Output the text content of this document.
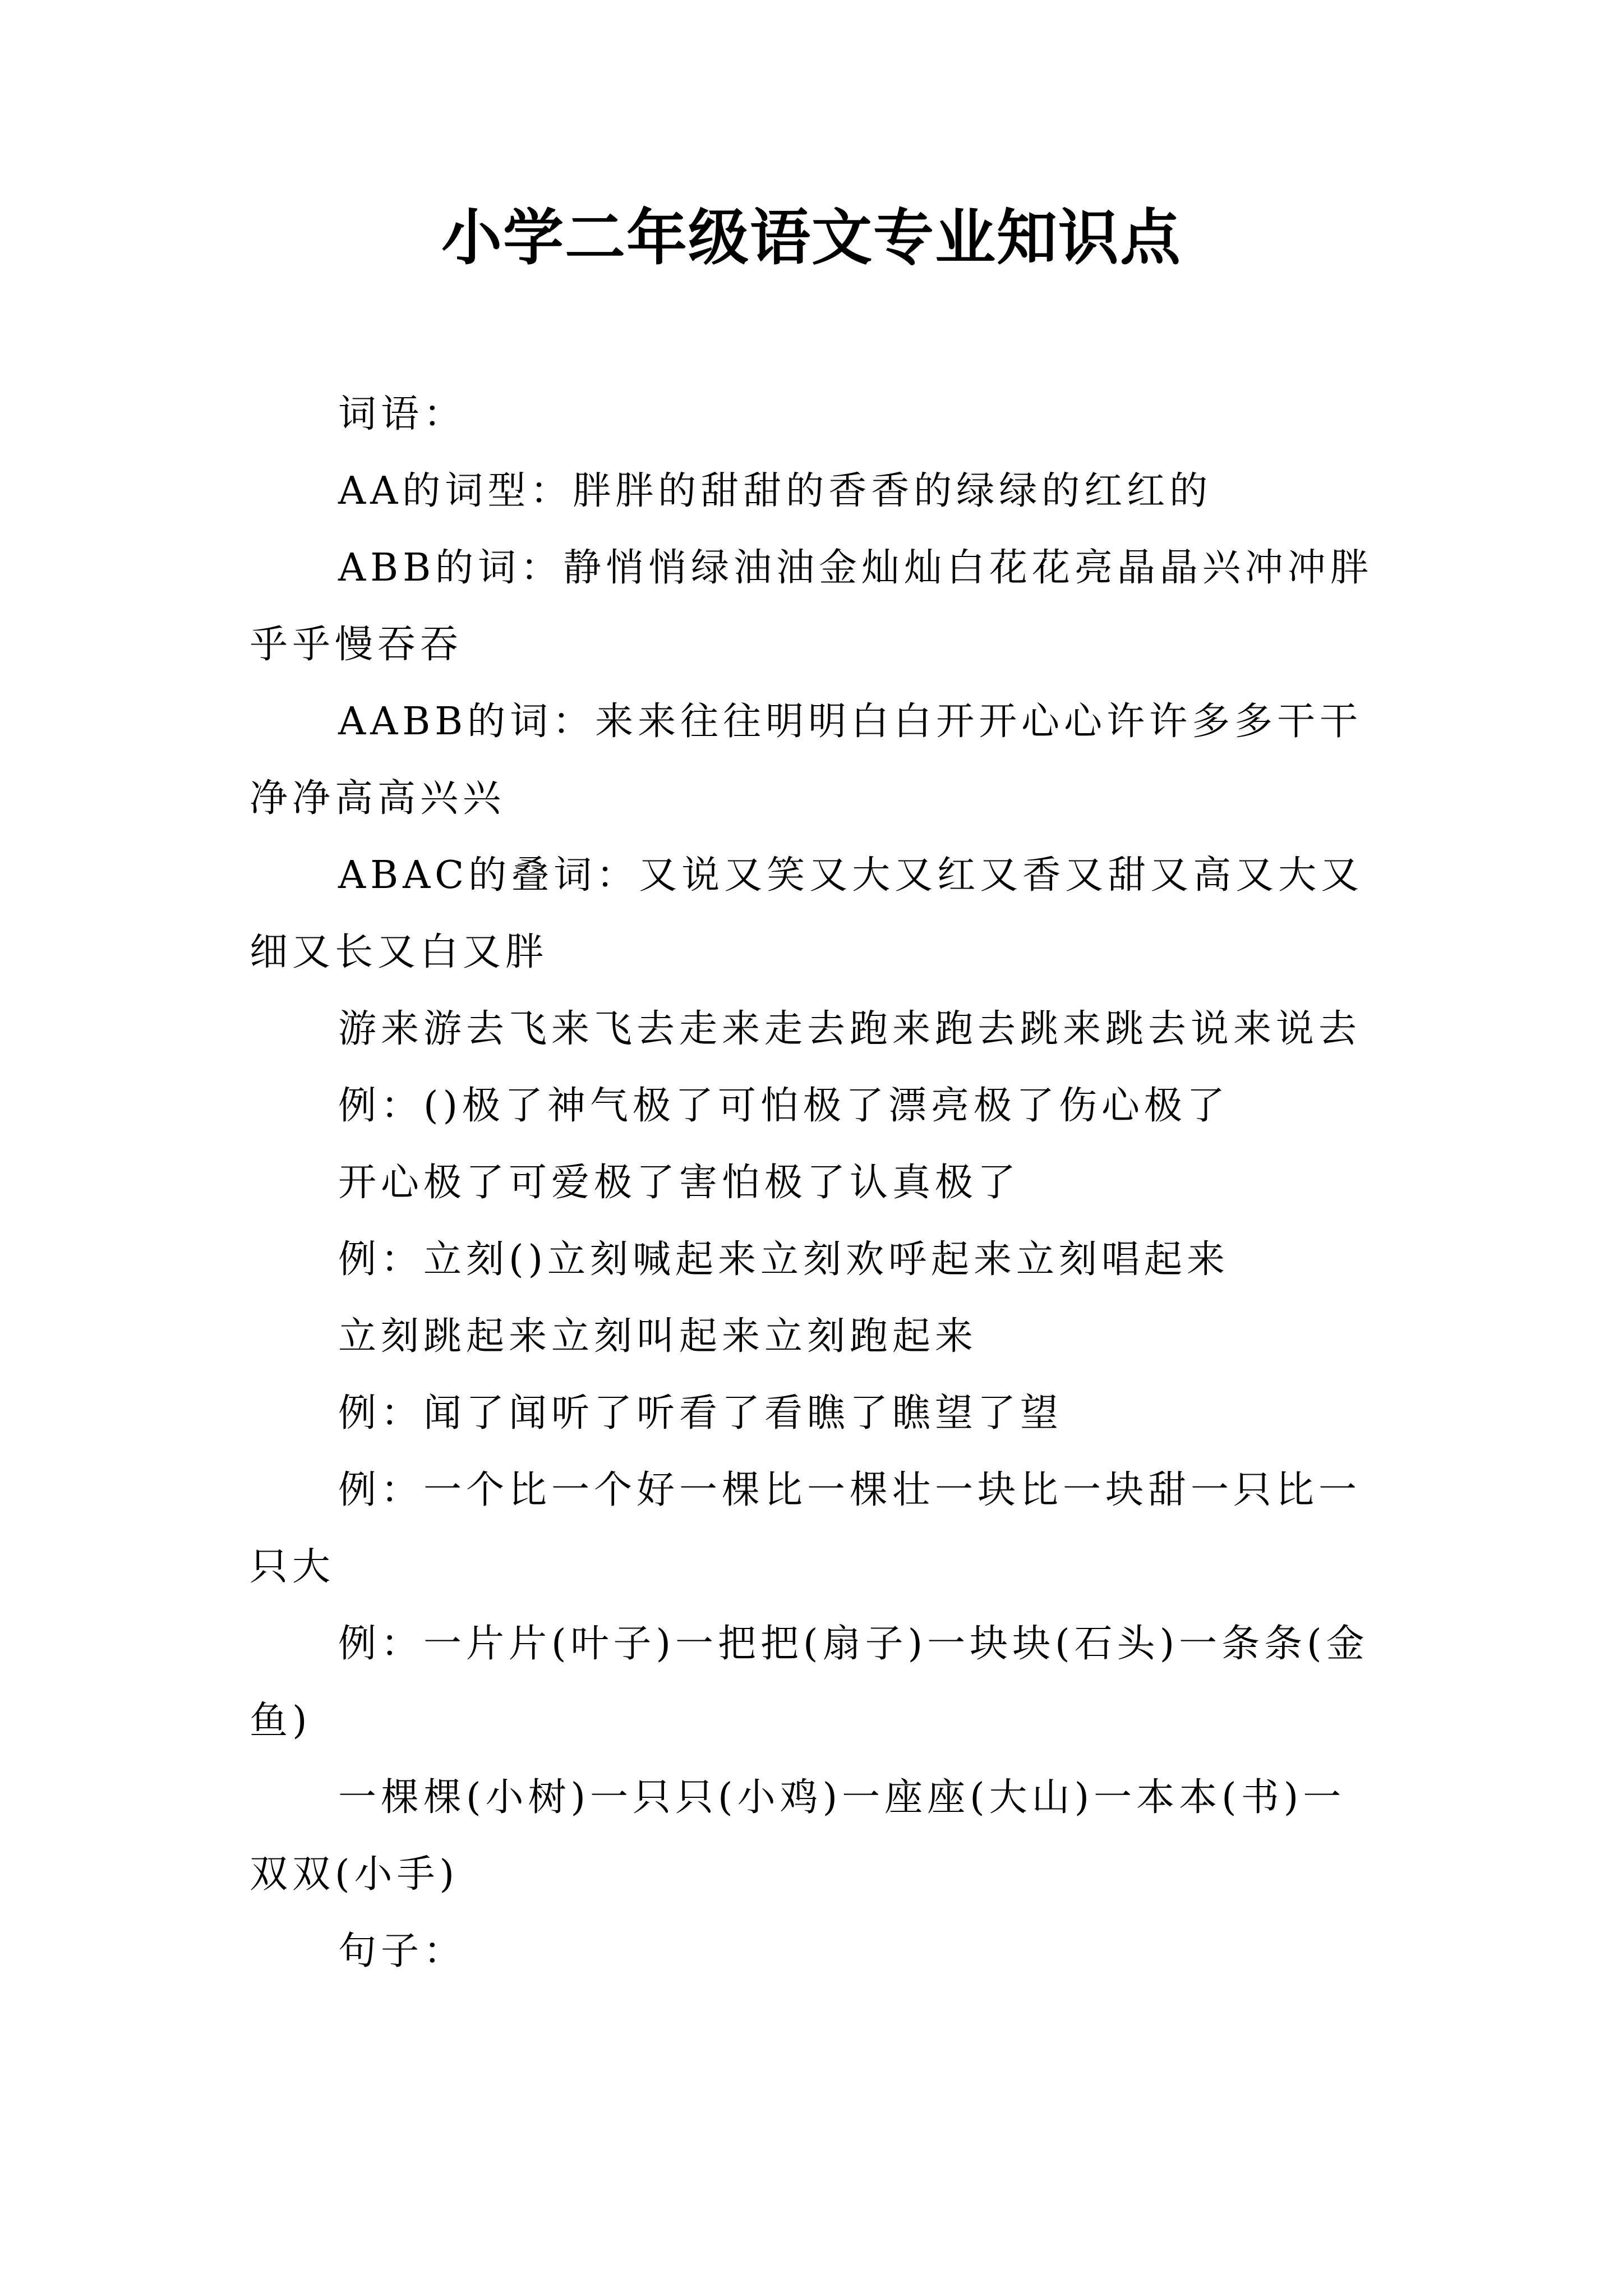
小学二年级语文专业知识点

词语：

AA的词型：胖胖的甜甜的香香的绿绿的红红的

ABB的词：静悄悄绿油油金灿灿白花花亮晶晶兴冲冲胖乎乎慢吞吞

AABB的词：来来往往明明白白开开心心许许多多干干净净高高兴兴

ABAC的叠词：又说又笑又大又红又香又甜又高又大又细又长又白又胖

游来游去飞来飞去走来走去跑来跑去跳来跳去说来说去

例：()极了神气极了可怕极了漂亮极了伤心极了

开心极了可爱极了害怕极了认真极了

例：立刻()立刻喊起来立刻欢呼起来立刻唱起来

立刻跳起来立刻叫起来立刻跑起来

例：闻了闻听了听看了看瞧了瞧望了望

例：一个比一个好一棵比一棵壮一块比一块甜一只比一只大

例：一片片(叶子)一把把(扇子)一块块(石头)一条条(金鱼)

一棵棵(小树)一只只(小鸡)一座座(大山)一本本(书)一双双(小手)

句子：
